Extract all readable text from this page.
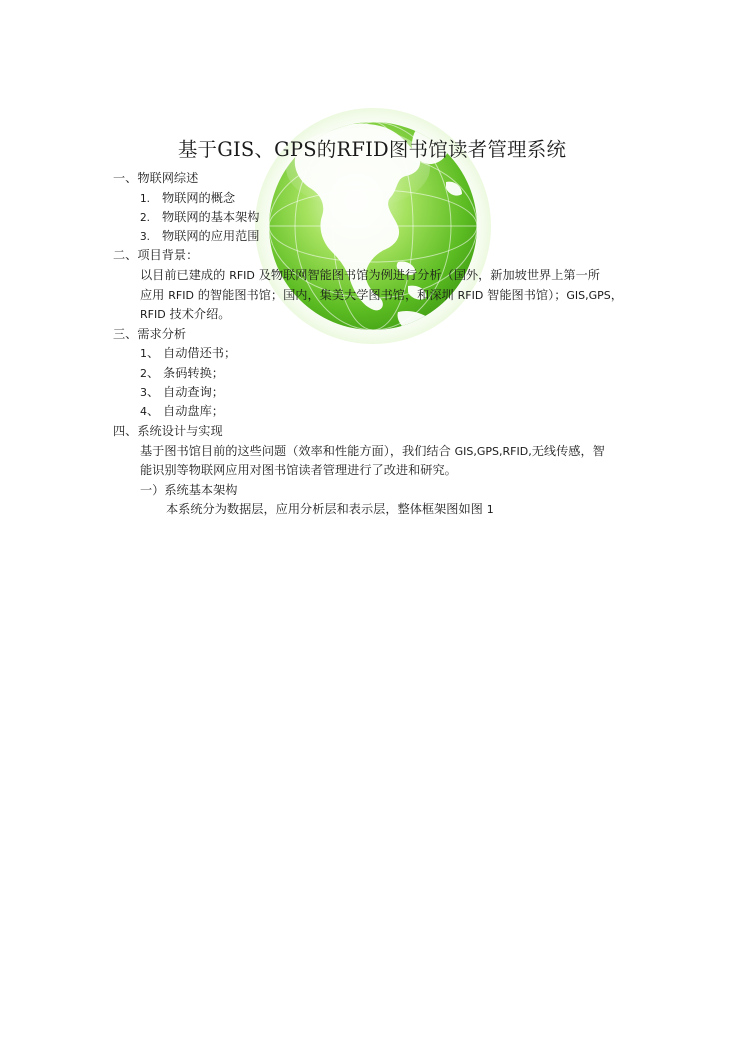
基于GIS、GPS的RFID图书馆读者管理系统
一、物联网综述
1. 物联网的概念
2. 物联网的基本架构
3. 物联网的应用范围
二、项目背景：
以目前已建成的 RFID 及物联网智能图书馆为例进行分析（国外，新加坡世界上第一所
应用 RFID 的智能图书馆；国内，集美大学图书馆，和深圳 RFID 智能图书馆）；GIS,GPS，
RFID 技术介绍。
三、需求分析
1、 自动借还书；
2、 条码转换；
3、 自动查询；
4、 自动盘库；
四、系统设计与实现
基于图书馆目前的这些问题（效率和性能方面），我们结合 GIS,GPS,RFID,无线传感，智
能识别等物联网应用对图书馆读者管理进行了改进和研究。
一）系统基本架构
本系统分为数据层，应用分析层和表示层，整体框架图如图 1
